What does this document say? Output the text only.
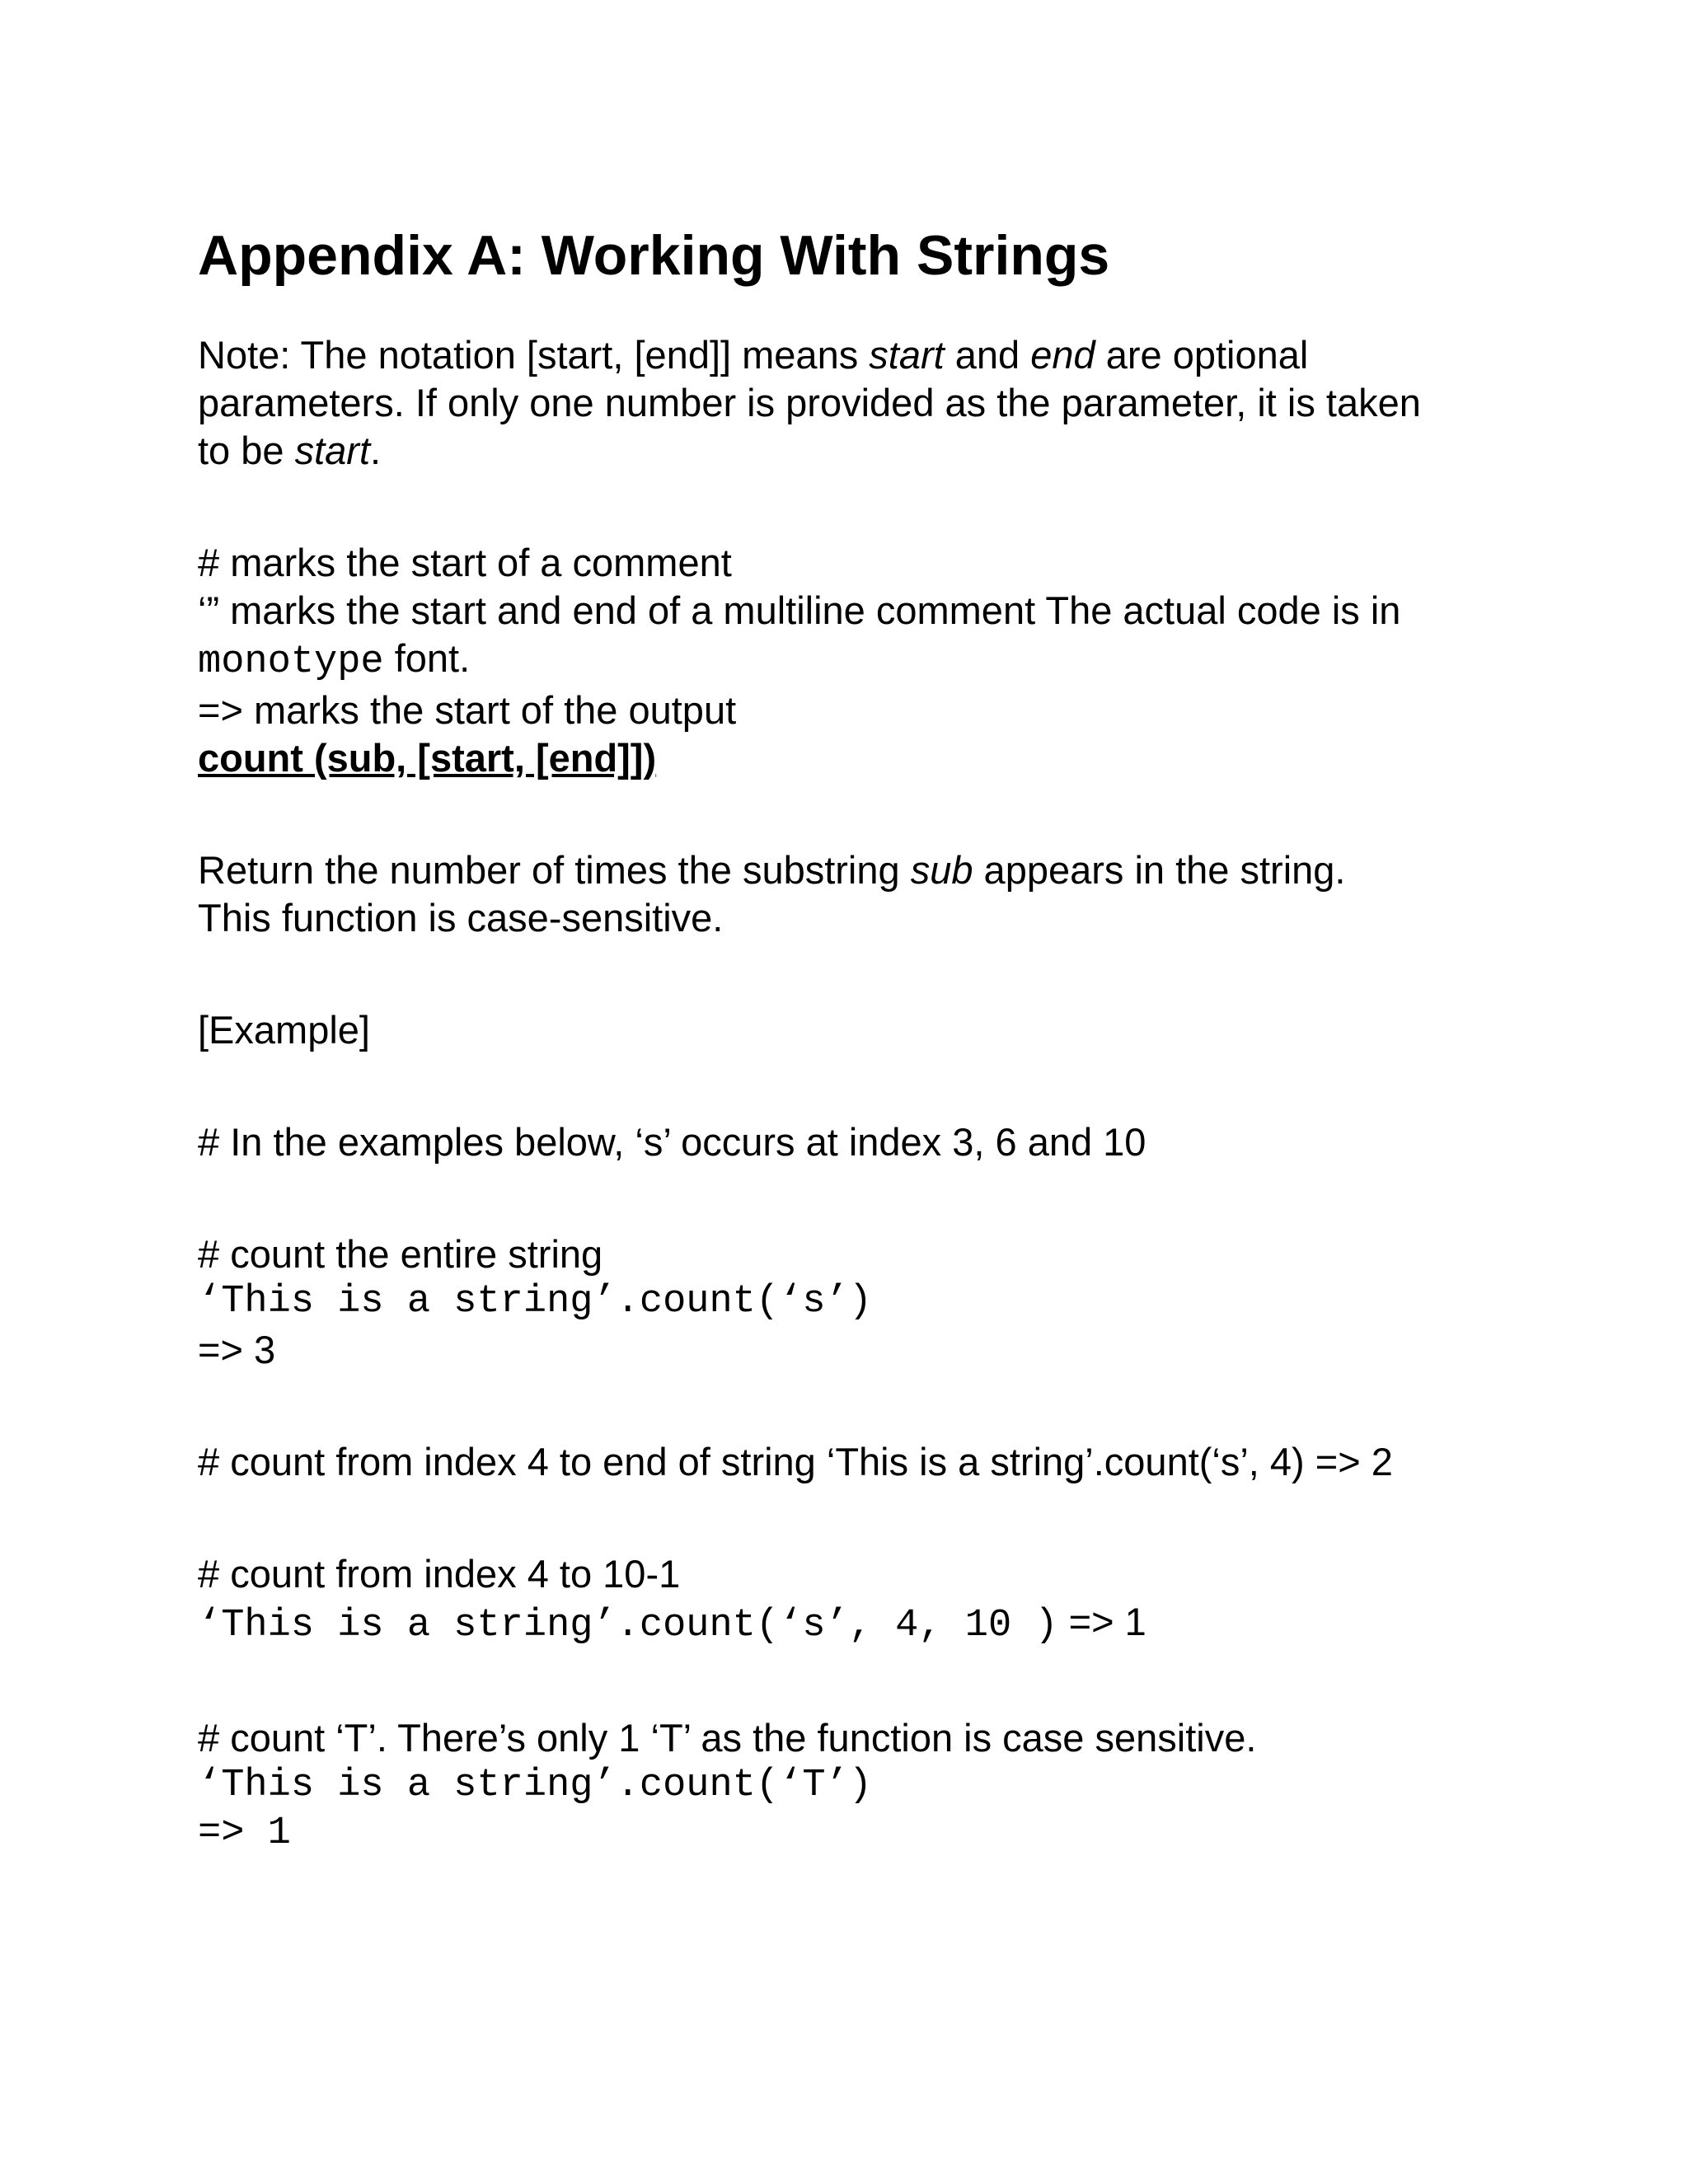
Appendix A: Working With Strings

Note: The notation [start, [end]] means start and end are optional

parameters. If only one number is provided as the parameter, it is taken

to be start.

# marks the start of a comment

‘” marks the start and end of a multiline comment The actual code is in

monotype font.

=> marks the start of the output

count (sub, [start, [end]])

Return the number of times the substring sub appears in the string.

This function is case-sensitive.

[Example]

# In the examples below, ‘s’ occurs at index 3, 6 and 10

# count the entire string

‘This is a string’.count(‘s’)

=> 3

# count from index 4 to end of string ‘This is a string’.count(‘s’, 4) => 2

# count from index 4 to 10-1

‘This is a string’.count(‘s’, 4, 10 ) => 1

# count ‘T’. There’s only 1 ‘T’ as the function is case sensitive.

‘This is a string’.count(‘T’)

=> 1
